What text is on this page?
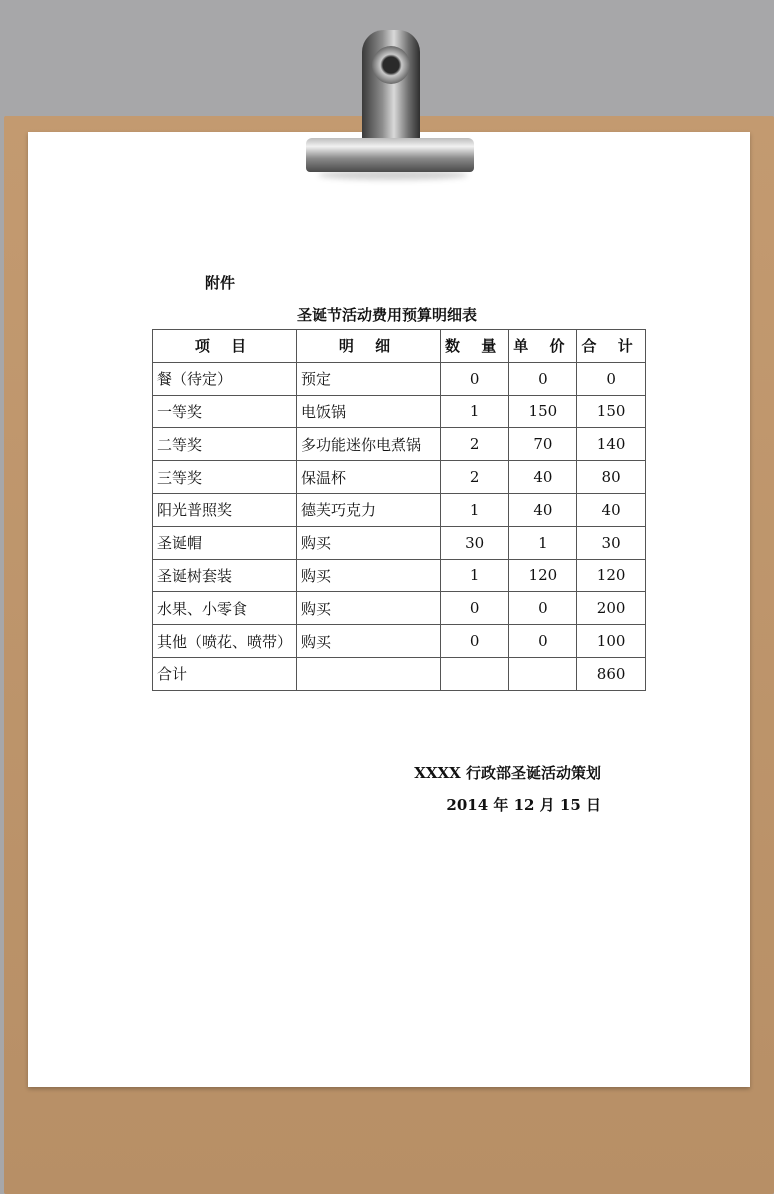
附件
圣诞节活动费用预算明细表
项 目	明 细	数 量	单 价	合 计
餐（待定）	预定	0	0	0
一等奖	电饭锅	1	150	150
二等奖	多功能迷你电煮锅	2	70	140
三等奖	保温杯	2	40	80
阳光普照奖	德芙巧克力	1	40	40
圣诞帽	购买	30	1	30
圣诞树套装	购买	1	120	120
水果、小零食	购买	0	0	200
其他（喷花、喷带）	购买	0	0	100
合计				860
XXXX 行政部圣诞活动策划
2014 年 12 月 15 日
